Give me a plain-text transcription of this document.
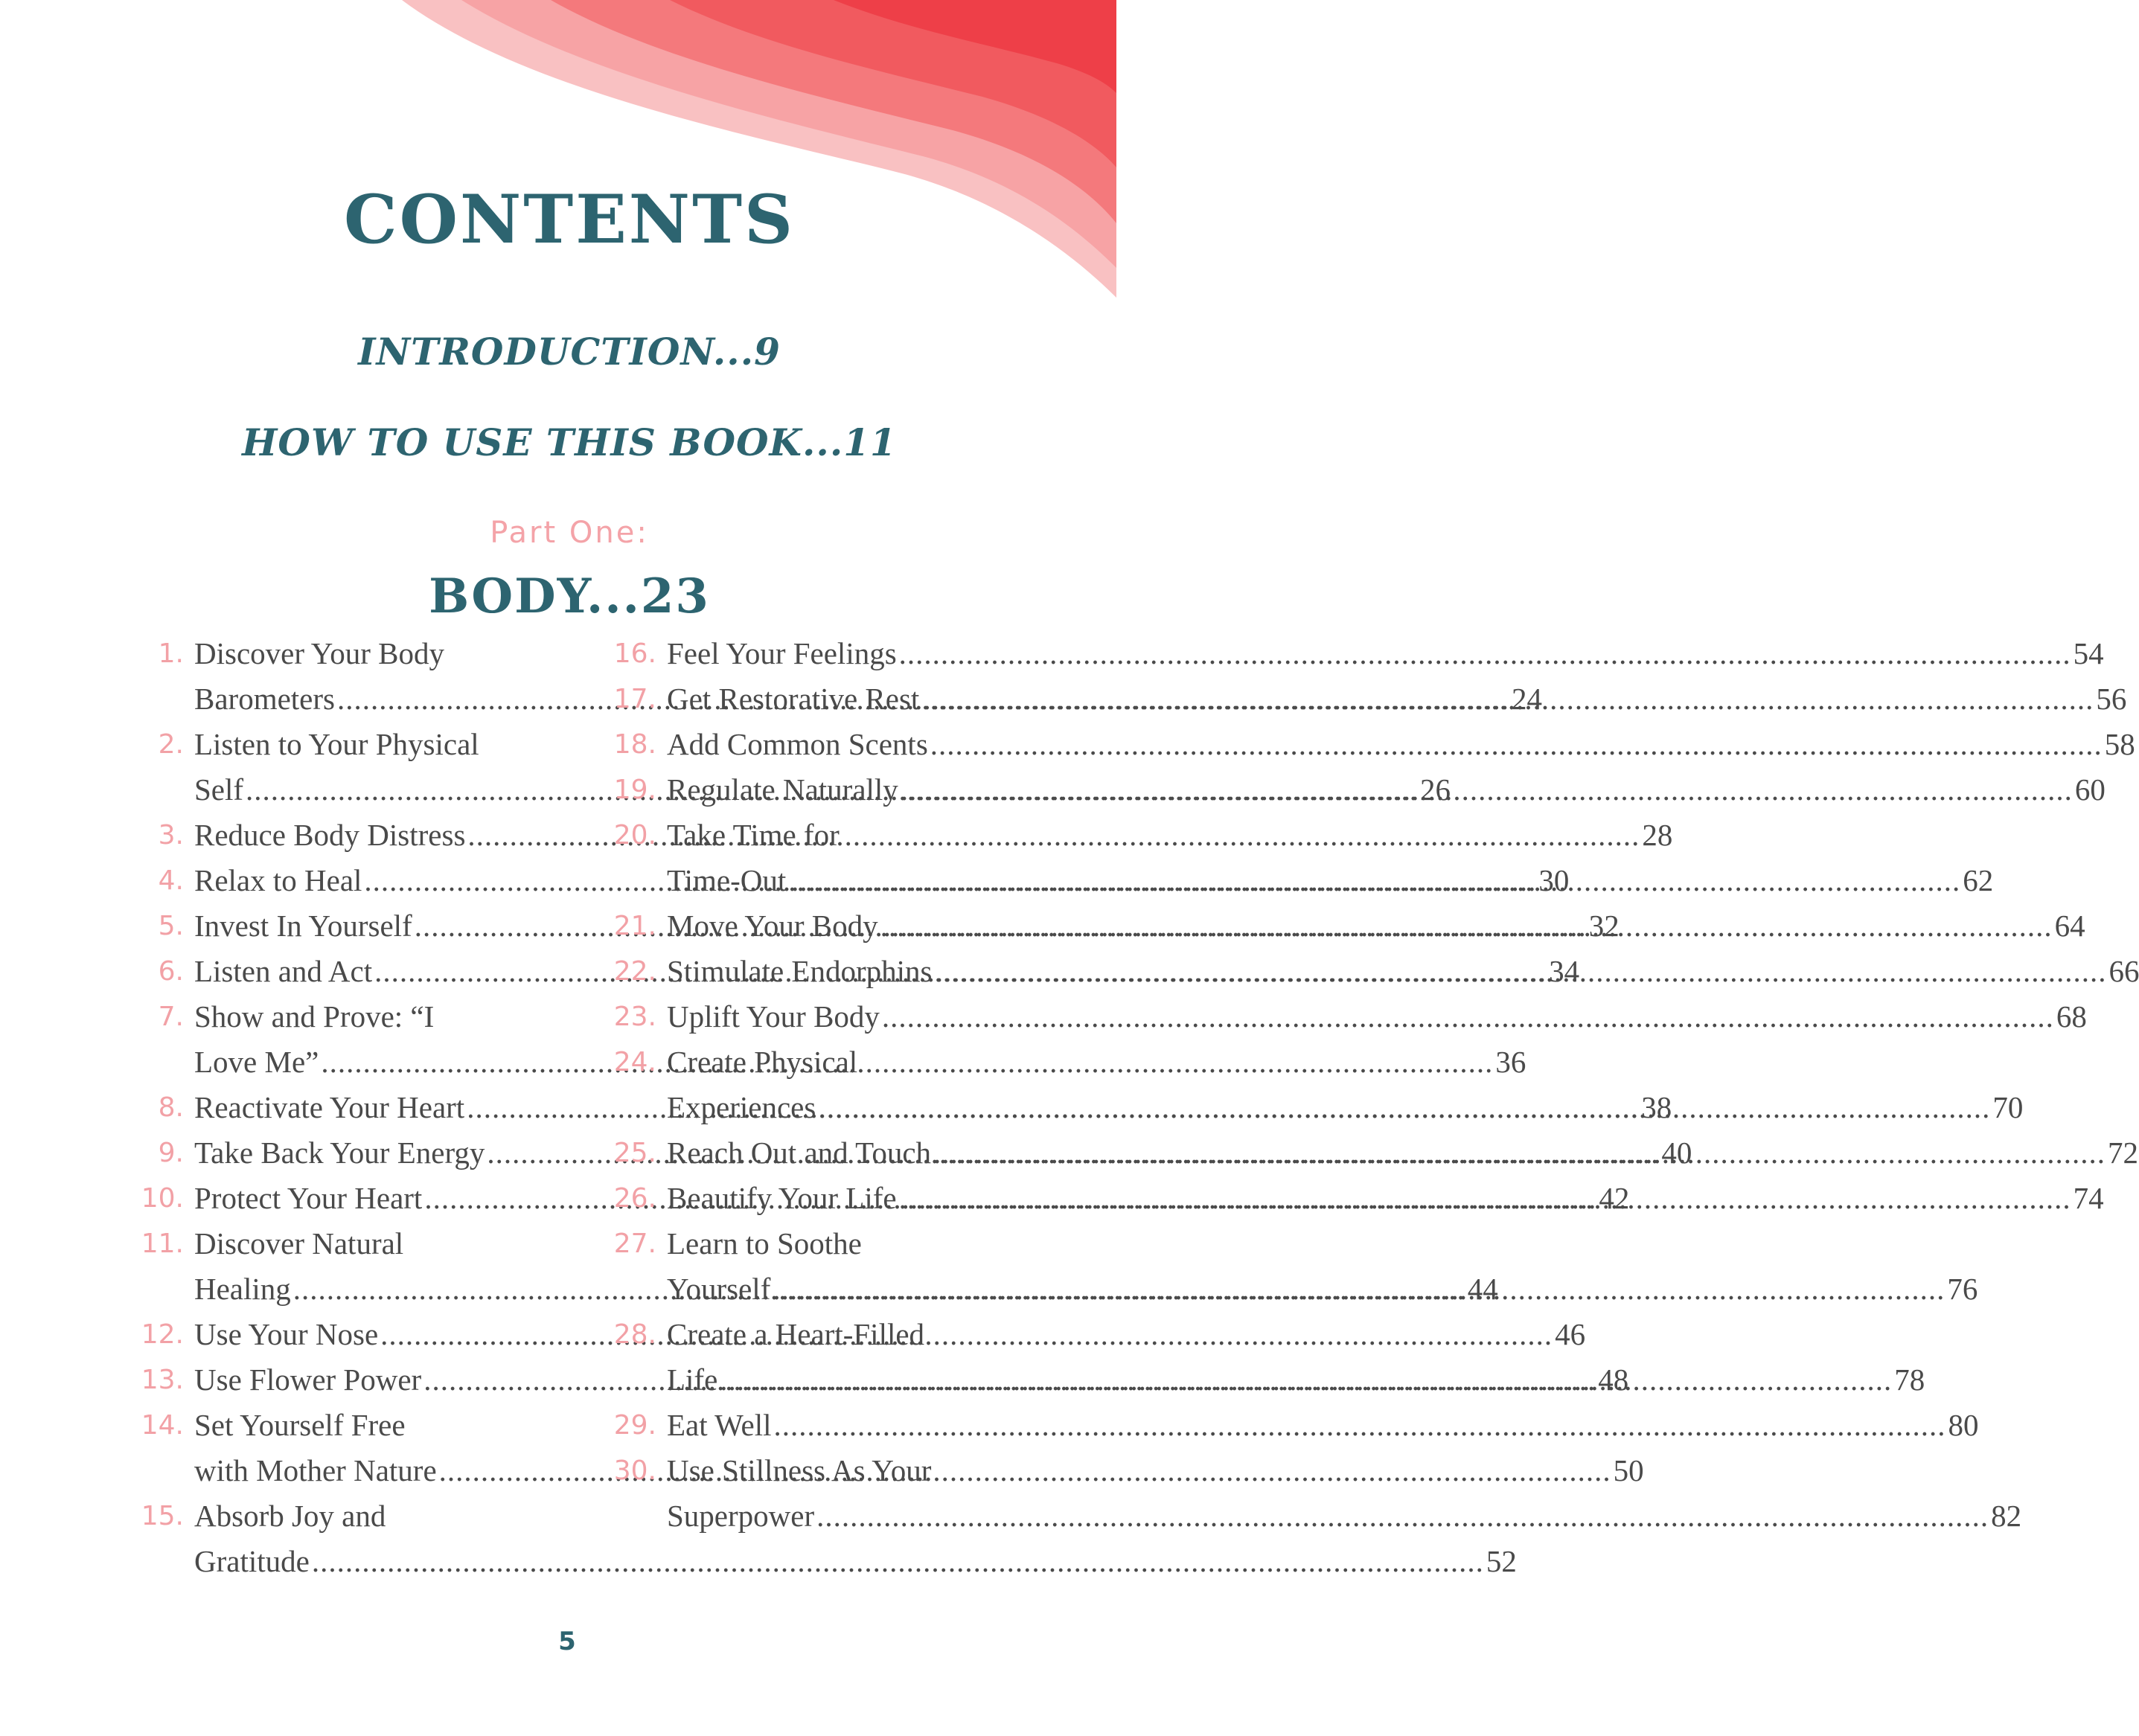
CONTENTS
INTRODUCTION...9
HOW TO USE THIS BOOK...11
Part One:
BODY...23
1. Discover Your Body
Barometers .....	24
2. Listen to Your Physical
Self .....	26
3. Reduce Body Distress .....	28
4. Relax to Heal .....	30
5. Invest In Yourself .....	32
6. Listen and Act .....	34
7. Show and Prove: “I
Love Me” .....	36
8. Reactivate Your Heart .....	38
9. Take Back Your Energy .....	40
10. Protect Your Heart .....	42
11. Discover Natural
Healing .....	44
12. Use Your Nose .....	46
13. Use Flower Power .....	48
14. Set Yourself Free
with Mother Nature .....	50
15. Absorb Joy and
Gratitude .....	52
16. Feel Your Feelings .....	54
17. Get Restorative Rest .....	56
18. Add Common Scents .....	58
19. Regulate Naturally .....	60
20. Take Time for
Time-Out .....	62
21. Move Your Body .....	64
22. Stimulate Endorphins .....	66
23. Uplift Your Body .....	68
24. Create Physical
Experiences .....	70
25. Reach Out and Touch .....	72
26. Beautify Your Life .....	74
27. Learn to Soothe
Yourself .....	76
28. Create a Heart-Filled
Life .....	78
29. Eat Well .....	80
30. Use Stillness As Your
Superpower .....	82
5
